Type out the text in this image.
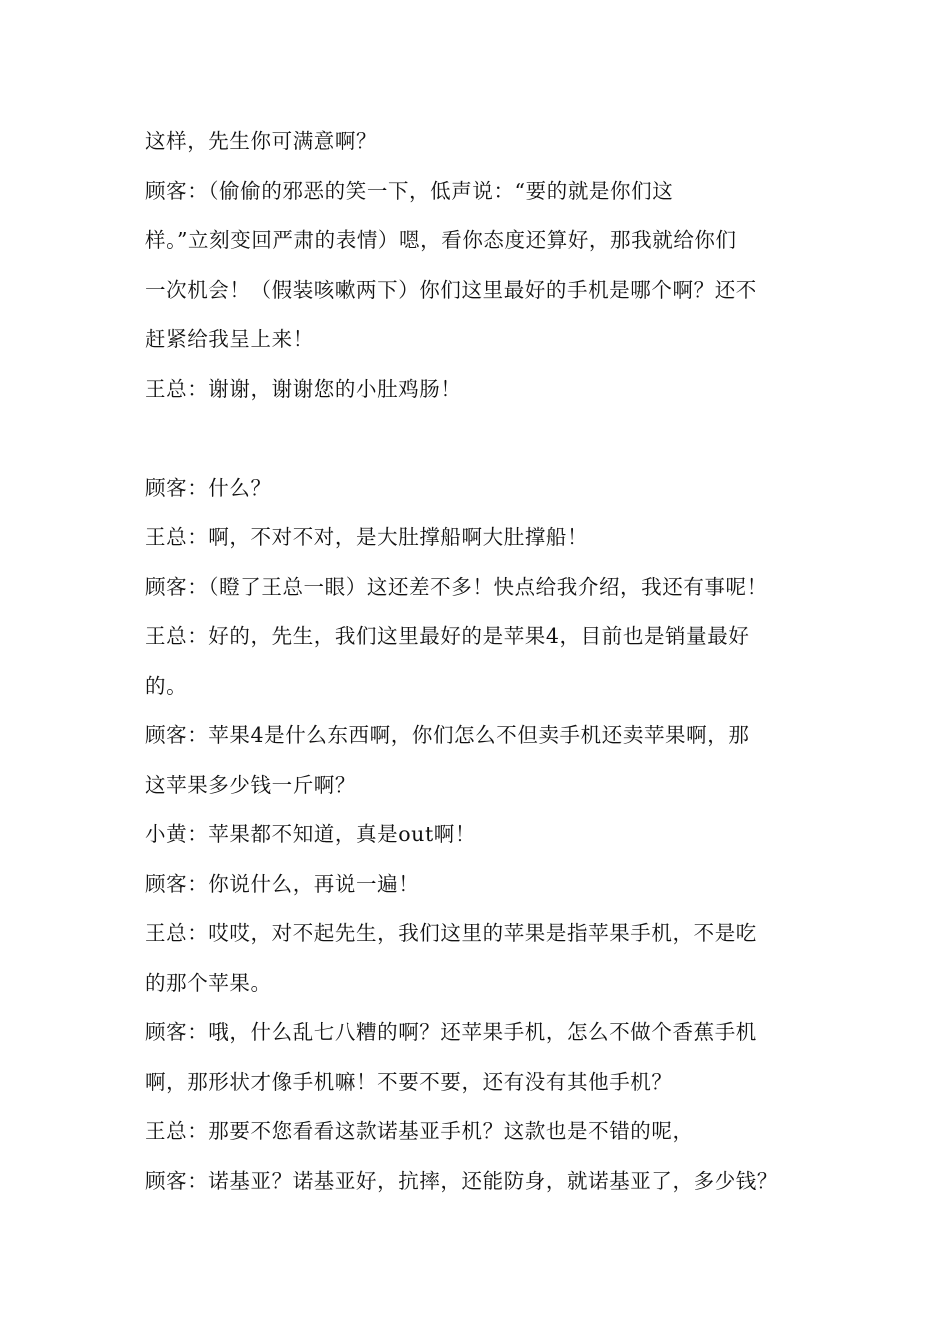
这样，先生你可满意啊？
顾客：（偷偷的邪恶的笑一下，低声说：“要的就是你们这
样。”立刻变回严肃的表情）嗯，看你态度还算好，那我就给你们
一次机会！（假装咳嗽两下）你们这里最好的手机是哪个啊？还不
赶紧给我呈上来！
王总：谢谢，谢谢您的小肚鸡肠！
顾客：什么？
王总：啊，不对不对，是大肚撑船啊大肚撑船！
顾客：（瞪了王总一眼）这还差不多！快点给我介绍，我还有事呢！
王总：好的，先生，我们这里最好的是苹果4，目前也是销量最好
的。
顾客：苹果4是什么东西啊，你们怎么不但卖手机还卖苹果啊，那
这苹果多少钱一斤啊？
小黄：苹果都不知道，真是out啊！
顾客：你说什么，再说一遍！
王总：哎哎，对不起先生，我们这里的苹果是指苹果手机，不是吃
的那个苹果。
顾客：哦，什么乱七八糟的啊？还苹果手机，怎么不做个香蕉手机
啊，那形状才像手机嘛！不要不要，还有没有其他手机？
王总：那要不您看看这款诺基亚手机？这款也是不错的呢，
顾客：诺基亚？诺基亚好，抗摔，还能防身，就诺基亚了，多少钱？
